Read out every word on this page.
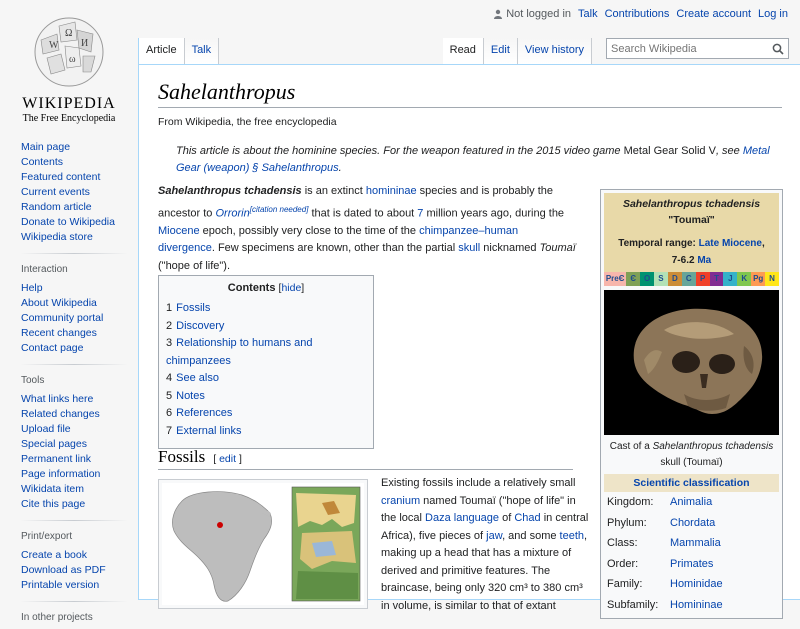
Not logged in Talk Contributions Create account Log in
W
Ω
И
ω
WIKIPEDIA
The Free Encyclopedia
Main page
Contents
Featured content
Current events
Random article
Donate to Wikipedia
Wikipedia store
Interaction
Help
About Wikipedia
Community portal
Recent changes
Contact page
Tools
What links here
Related changes
Upload file
Special pages
Permanent link
Page information
Wikidata item
Cite this page
Print/export
Create a book
Download as PDF
Printable version
In other projects
Article	Talk	Read	Edit	View history
Search Wikipedia
Sahelanthropus
From Wikipedia, the free encyclopedia
This article is about the hominine species. For the weapon featured in the 2015 video game Metal Gear Solid V, see Metal Gear (weapon) § Sahelanthropus.
Sahelanthropus tchadensis is an extinct homininae species and is probably the ancestor to Orrorin[citation needed] that is dated to about 7 million years ago, during the Miocene epoch, possibly very close to the time of the chimpanzee–human divergence. Few specimens are known, other than the partial skull nicknamed Toumaï ("hope of life").
Contents [hide]
1 Fossils
2 Discovery
3 Relationship to humans and chimpanzees
4 See also
5 Notes
6 References
7 External links
Fossils [ edit ]
Existing fossils include a relatively small cranium named Toumaï ("hope of life" in the local Daza language of Chad in central Africa), five pieces of jaw, and some teeth, making up a head that has a mixture of derived and primitive features. The braincase, being only 320 cm³ to 380 cm³ in volume, is similar to that of extant
Sahelanthropus tchadensis
"Toumaï"
Temporal range: Late Miocene,
7-6.2 Ma
PreЄ Є O	S	D	C	P	T	J	K Pg N
Cast of a Sahelanthropus tchadensis
skull (Toumaï)
Scientific classification
Kingdom:	Animalia
Phylum:	Chordata
Class:	Mammalia
Order:	Primates
Family:	Hominidae
Subfamily:	Homininae
